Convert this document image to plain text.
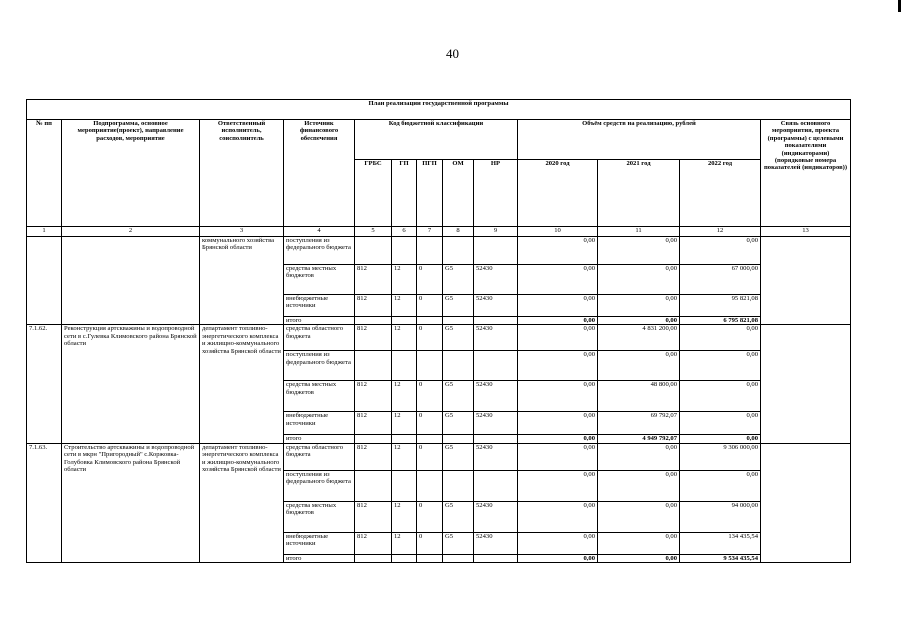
40
План реализации государственной программы												
№ пп	Подпрограмма, основное мероприятие(проект), направление расходов, мероприятие	Ответственный исполнитель, соисполнитель	Источник финансового обеспечения	Код бюджетной классификации					Объём средств на реализацию, рублей			Связь основного мероприятия, проекта (программы) с целевыми показателями (индикаторами) (порядковые номера показателей (индикаторов))
				ГРБС	ГП	ПГП	ОМ	НР	2020 год	2021 год	2022 год	
1	2	3	4	5	6	7	8	9	10	11	12	13
		коммунального хозяйства Брянской области	поступления из федерального бюджета						0,00	0,00	0,00	
			средства местных бюджетов	812	12	0	G5	52430	0,00	0,00	67 000,00	
			внебюджетные источники	812	12	0	G5	52430	0,00	0,00	95 821,08	
			итого						0,00	0,00	6 795 821,08	
7.1.62.	Реконструкция артскважины и водопроводной сети в с.Гулевка Климовского района Брянской области	департамент топливно-энергетического комплекса и жилищно-коммунального хозяйства Брянской области	средства областного бюджета	812	12	0	G5	52430	0,00	4 831 200,00	0,00	
			поступления из федерального бюджета						0,00	0,00	0,00	
			средства местных бюджетов	812	12	0	G5	52430	0,00	48 800,00	0,00	
			внебюджетные источники	812	12	0	G5	52430	0,00	69 792,07	0,00	
			итого						0,00	4 949 792,07	0,00	
7.1.63.	Строительство артскважины и водопроводной сети в мкрн "Пригородный" с.Коржовка-Голубовка Климовского района Брянской области	департамент топливно-энергетического комплекса и жилищно-коммунального хозяйства Брянской области	средства областного бюджета	812	12	0	G5	52430	0,00	0,00	9 306 000,00	
			поступления из федерального бюджета						0,00	0,00	0,00	
			средства местных бюджетов	812	12	0	G5	52430	0,00	0,00	94 000,00	
			внебюджетные источники	812	12	0	G5	52430	0,00	0,00	134 435,54	
			итого						0,00	0,00	9 534 435,54	
